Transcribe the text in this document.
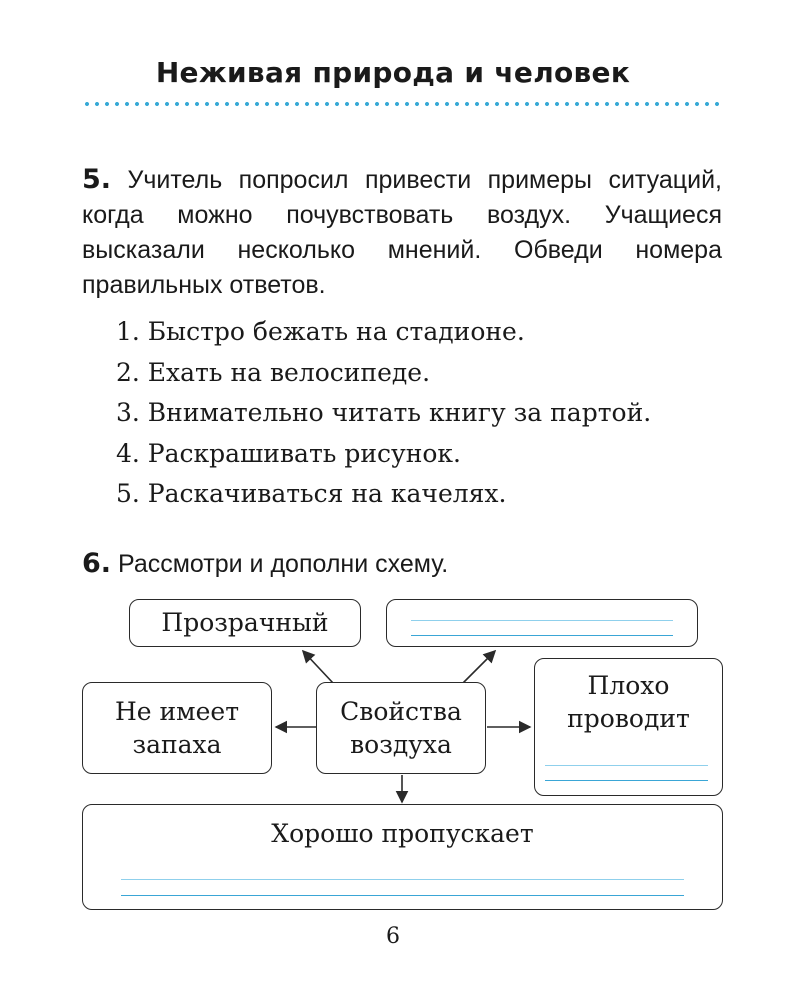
Неживая природа и человек
5. Учитель попросил привести примеры ситуаций, когда можно почувствовать воздух. Учащиеся высказали несколько мнений. Обведи номера правильных ответов.
1. Быстро бежать на стадионе.
2. Ехать на велосипеде.
3. Внимательно читать книгу за партой.
4. Раскрашивать рисунок.
5. Раскачиваться на качелях.
6. Рассмотри и дополни схему.
Прозрачный
Не имеет
запаха
Свойства
воздуха
Плохо
проводит
Хорошо пропускает
6
